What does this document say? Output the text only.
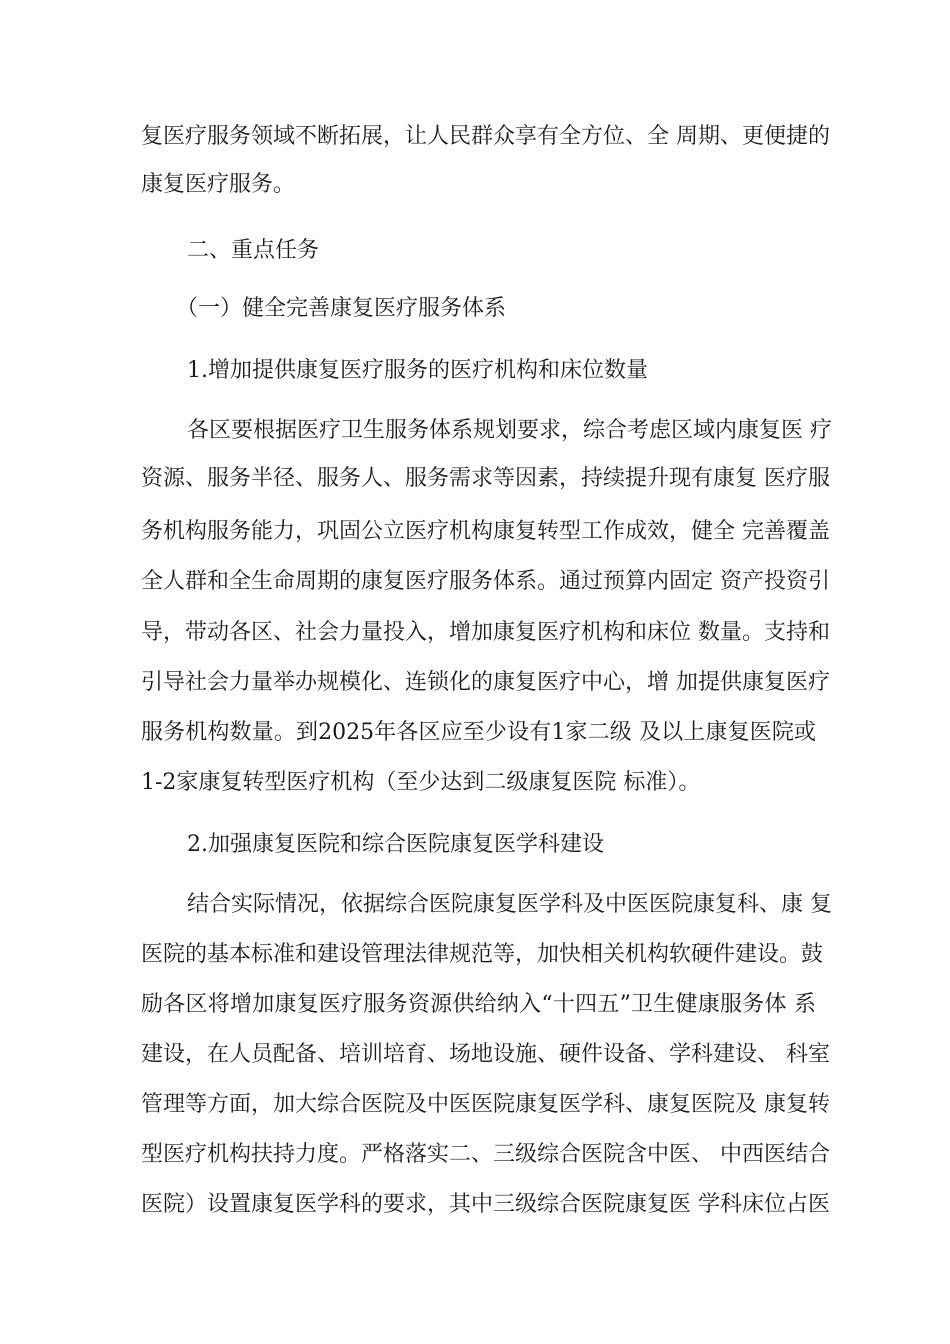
复医疗服务领域不断拓展，让人民群众享有全方位、全 周期、更便捷的

康复医疗服务。

二、重点任务

（一）健全完善康复医疗服务体系

1.增加提供康复医疗服务的医疗机构和床位数量

各区要根据医疗卫生服务体系规划要求，综合考虑区域内康复医 疗

资源、服务半径、服务人、服务需求等因素，持续提升现有康复 医疗服

务机构服务能力，巩固公立医疗机构康复转型工作成效，健全 完善覆盖

全人群和全生命周期的康复医疗服务体系。通过预算内固定 资产投资引

导，带动各区、社会力量投入，增加康复医疗机构和床位 数量。支持和

引导社会力量举办规模化、连锁化的康复医疗中心，增 加提供康复医疗

服务机构数量。到2025年各区应至少设有1家二级 及以上康复医院或

1-2家康复转型医疗机构（至少达到二级康复医院 标准）。

2.加强康复医院和综合医院康复医学科建设

结合实际情况，依据综合医院康复医学科及中医医院康复科、康 复

医院的基本标准和建设管理法律规范等，加快相关机构软硬件建设。鼓

励各区将增加康复医疗服务资源供给纳入“十四五”卫生健康服务体 系

建设，在人员配备、培训培育、场地设施、硬件设备、学科建设、 科室

管理等方面，加大综合医院及中医医院康复医学科、康复医院及 康复转

型医疗机构扶持力度。严格落实二、三级综合医院含中医、 中西医结合

医院）设置康复医学科的要求，其中三级综合医院康复医 学科床位占医
